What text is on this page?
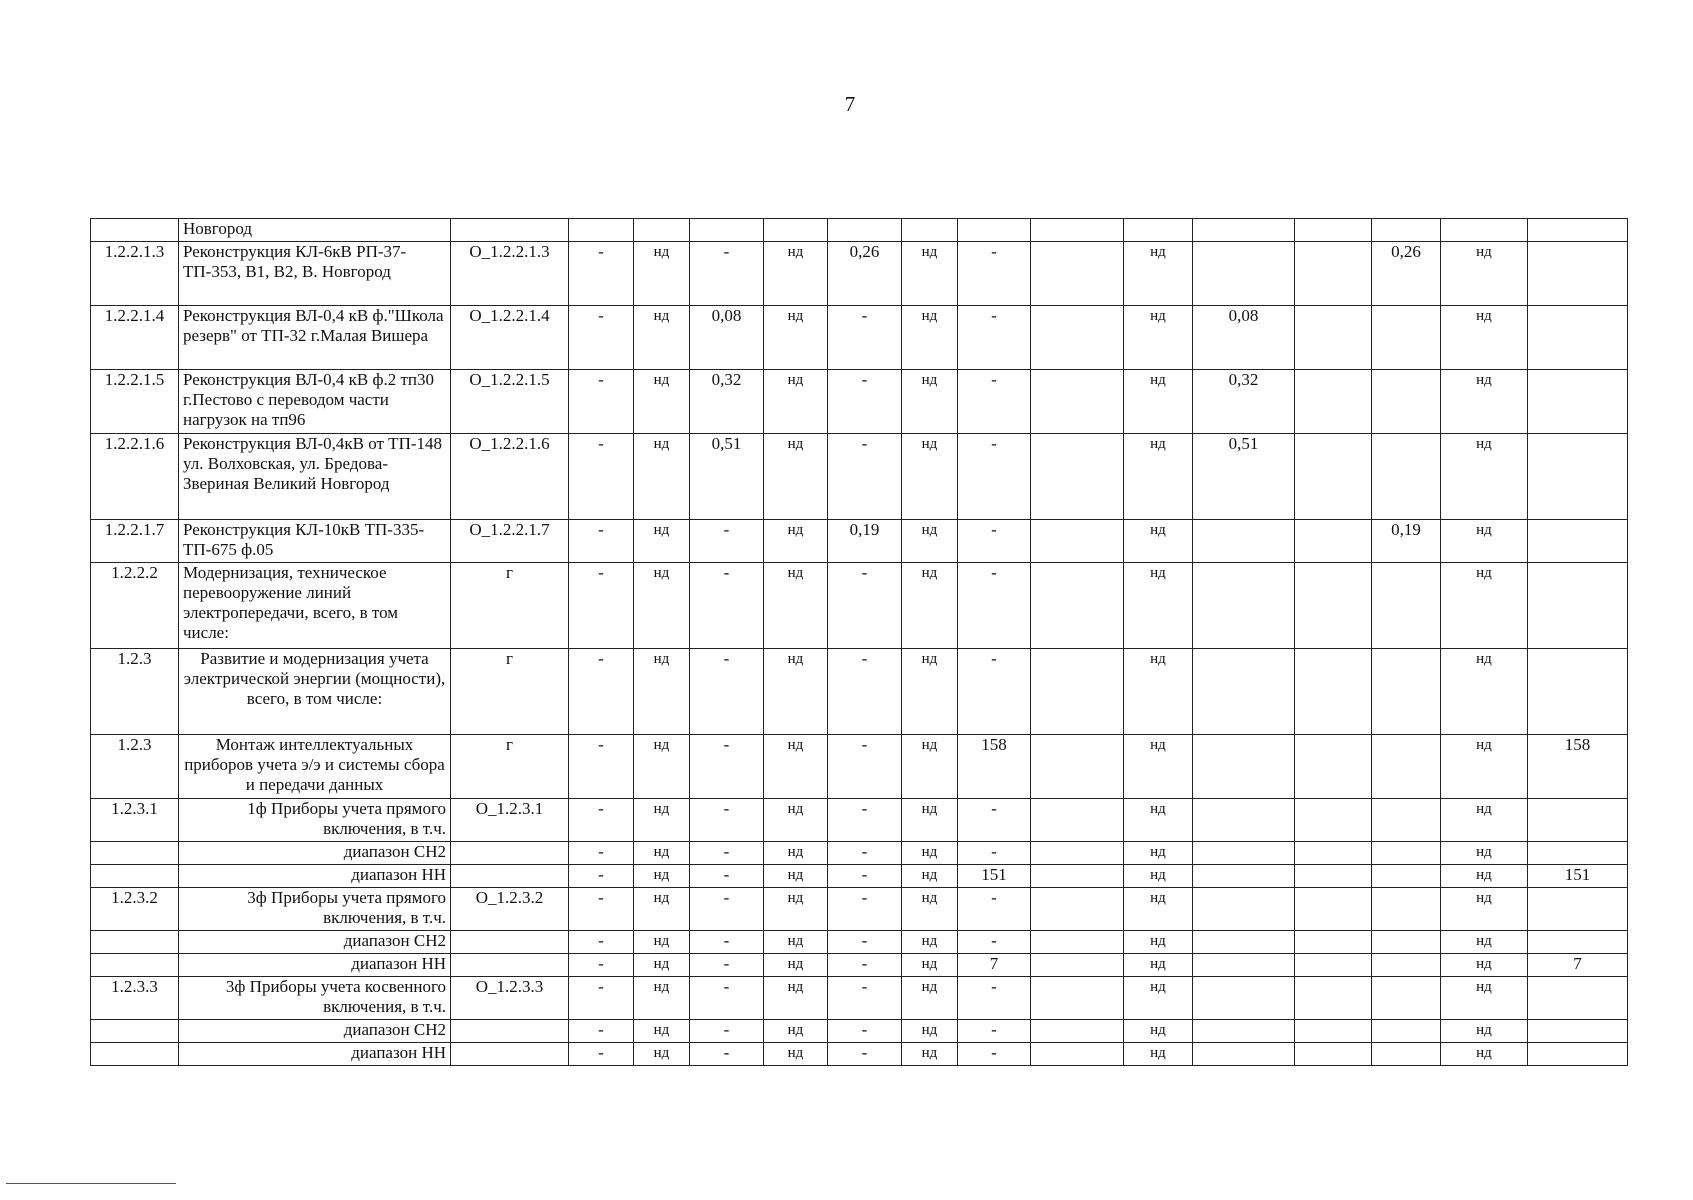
7
	Новгород															
1.2.2.1.3	Реконструкция КЛ-6кВ РП-37-ТП-353, В1, В2, В. Новгород	О_1.2.2.1.3	-	нд	-	нд	0,26	нд	-		нд			0,26	нд	
1.2.2.1.4	Реконструкция ВЛ-0,4 кВ ф."Школа резерв" от ТП-32 г.Малая Вишера	О_1.2.2.1.4	-	нд	0,08	нд	-	нд	-		нд	0,08			нд	
1.2.2.1.5	Реконструкция ВЛ-0,4 кВ ф.2 тп30 г.Пестово с переводом части нагрузок на тп96	О_1.2.2.1.5	-	нд	0,32	нд	-	нд	-		нд	0,32			нд	
1.2.2.1.6	Реконструкция ВЛ-0,4кВ от ТП-148 ул. Волховская, ул. Бредова-Звериная Великий Новгород	О_1.2.2.1.6	-	нд	0,51	нд	-	нд	-		нд	0,51			нд	
1.2.2.1.7	Реконструкция КЛ-10кВ ТП-335-ТП-675 ф.05	О_1.2.2.1.7	-	нд	-	нд	0,19	нд	-		нд			0,19	нд	
1.2.2.2	Модернизация, техническое перевооружение линий электропередачи, всего, в том числе:	г	-	нд	-	нд	-	нд	-		нд				нд	
1.2.3	Развитие и модернизация учета электрической энергии (мощности), всего, в том числе:	г	-	нд	-	нд	-	нд	-		нд				нд	
1.2.3	Монтаж интеллектуальных приборов учета э/э и системы сбора и передачи данных	г	-	нд	-	нд	-	нд	158		нд				нд	158
1.2.3.1	1ф Приборы учета прямого включения, в т.ч.	О_1.2.3.1	-	нд	-	нд	-	нд	-		нд				нд	
	диапазон СН2		-	нд	-	нд	-	нд	-		нд				нд	
	диапазон НН		-	нд	-	нд	-	нд	151		нд				нд	151
1.2.3.2	3ф Приборы учета прямого включения, в т.ч.	О_1.2.3.2	-	нд	-	нд	-	нд	-		нд				нд	
	диапазон СН2		-	нд	-	нд	-	нд	-		нд				нд	
	диапазон НН		-	нд	-	нд	-	нд	7		нд				нд	7
1.2.3.3	3ф Приборы учета косвенного включения, в т.ч.	О_1.2.3.3	-	нд	-	нд	-	нд	-		нд				нд	
	диапазон СН2		-	нд	-	нд	-	нд	-		нд				нд	
	диапазон НН		-	нд	-	нд	-	нд	-		нд				нд	
